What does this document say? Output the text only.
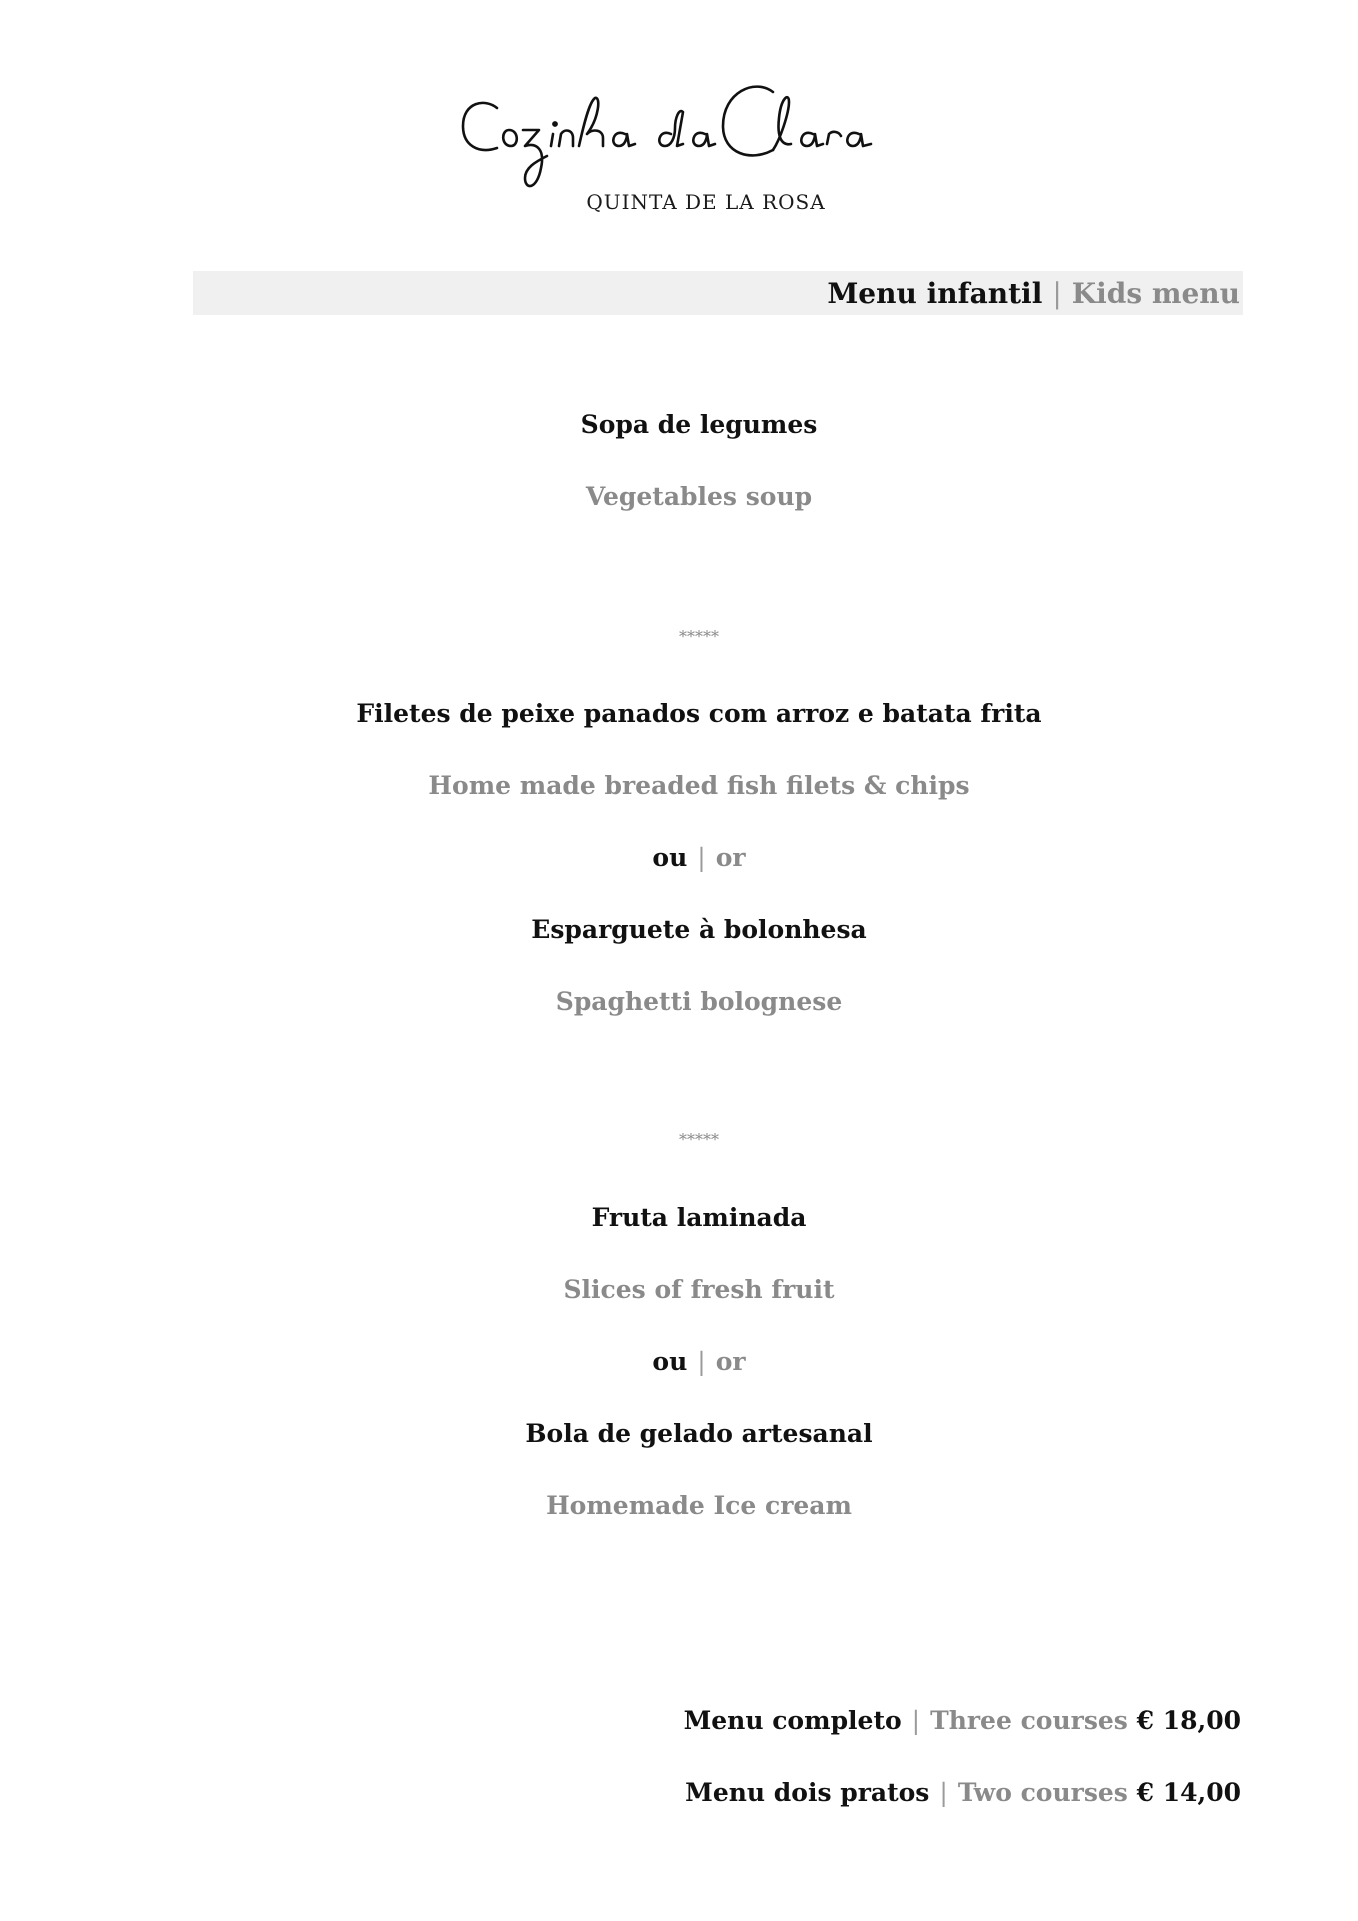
QUINTA DE LA ROSA
Menu infantil | Kids menu
Sopa de legumes
Vegetables soup
*****
Filetes de peixe panados com arroz e batata frita
Home made breaded fish filets & chips
ou | or
Esparguete à bolonhesa
Spaghetti bolognese
*****
Fruta laminada
Slices of fresh fruit
ou | or
Bola de gelado artesanal
Homemade Ice cream
Menu completo | Three courses € 18,00
Menu dois pratos | Two courses € 14,00
